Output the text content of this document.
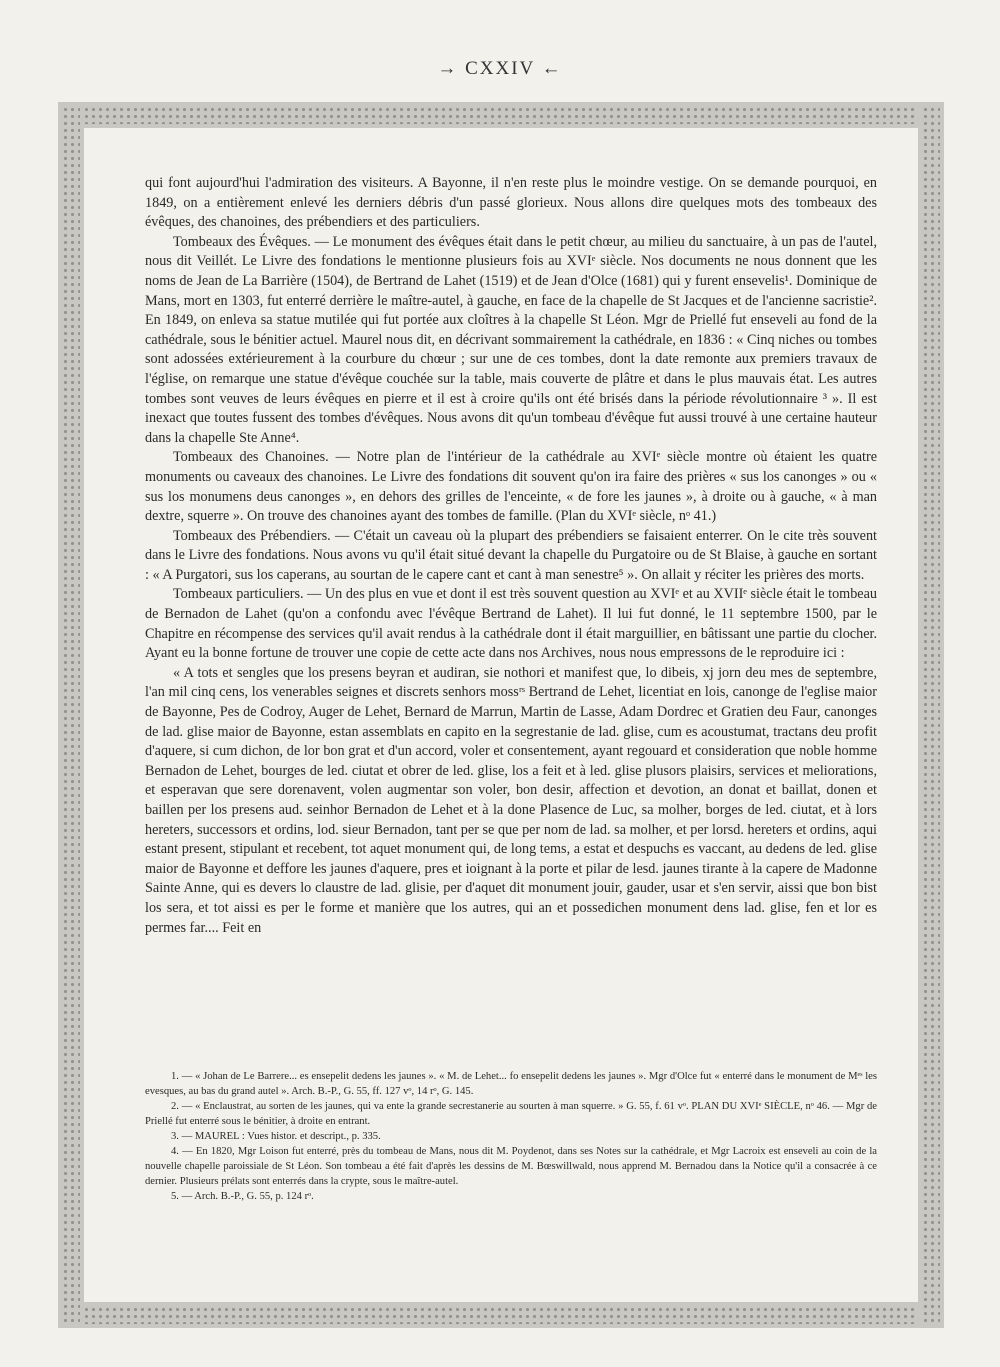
→ CXXIV ←

qui font aujourd'hui l'admiration des visiteurs. A Bayonne, il n'en reste plus le moindre vestige. On se demande pourquoi, en 1849, on a entièrement enlevé les derniers débris d'un passé glorieux. Nous allons dire quelques mots des tombeaux des évêques, des chanoines, des prébendiers et des particuliers.

Tombeaux des Évêques. — Le monument des évêques était dans le petit chœur, au milieu du sanctuaire, à un pas de l'autel, nous dit Veillét. Le Livre des fondations le mentionne plusieurs fois au XVIᵉ siècle. Nos documents ne nous donnent que les noms de Jean de La Barrière (1504), de Bertrand de Lahet (1519) et de Jean d'Olce (1681) qui y furent ensevelis¹. Dominique de Mans, mort en 1303, fut enterré derrière le maître-autel, à gauche, en face de la chapelle de St Jacques et de l'ancienne sacristie². En 1849, on enleva sa statue mutilée qui fut portée aux cloîtres à la chapelle St Léon. Mgr de Priellé fut enseveli au fond de la cathédrale, sous le bénitier actuel. Maurel nous dit, en décrivant sommairement la cathédrale, en 1836 : « Cinq niches ou tombes sont adossées extérieurement à la courbure du chœur ; sur une de ces tombes, dont la date remonte aux premiers travaux de l'église, on remarque une statue d'évêque couchée sur la table, mais couverte de plâtre et dans le plus mauvais état. Les autres tombes sont veuves de leurs évêques en pierre et il est à croire qu'ils ont été brisés dans la période révolutionnaire ³ ». Il est inexact que toutes fussent des tombes d'évêques. Nous avons dit qu'un tombeau d'évêque fut aussi trouvé à une certaine hauteur dans la chapelle Ste Anne⁴.

Tombeaux des Chanoines. — Notre plan de l'intérieur de la cathédrale au XVIᵉ siècle montre où étaient les quatre monuments ou caveaux des chanoines. Le Livre des fondations dit souvent qu'on ira faire des prières « sus los canonges » ou « sus los monumens deus canonges », en dehors des grilles de l'enceinte, « de fore les jaunes », à droite ou à gauche, « à man dextre, squerre ». On trouve des chanoines ayant des tombes de famille. (Plan du XVIᵉ siècle, nᵒ 41.)

Tombeaux des Prébendiers. — C'était un caveau où la plupart des prébendiers se faisaient enterrer. On le cite très souvent dans le Livre des fondations. Nous avons vu qu'il était situé devant la chapelle du Purgatoire ou de St Blaise, à gauche en sortant : « A Purgatori, sus los caperans, au sourtan de le capere cant et cant à man senestre⁵ ». On allait y réciter les prières des morts.

Tombeaux particuliers. — Un des plus en vue et dont il est très souvent question au XVIᵉ et au XVIIᵉ siècle était le tombeau de Bernadon de Lahet (qu'on a confondu avec l'évêque Bertrand de Lahet). Il lui fut donné, le 11 septembre 1500, par le Chapitre en récompense des services qu'il avait rendus à la cathédrale dont il était marguillier, en bâtissant une partie du clocher. Ayant eu la bonne fortune de trouver une copie de cette acte dans nos Archives, nous nous empressons de le reproduire ici :

« A tots et sengles que los presens beyran et audiran, sie nothori et manifest que, lo dibeis, xj jorn deu mes de septembre, l'an mil cinq cens, los venerables seignes et discrets senhors mossʳˢ Bertrand de Lehet, licentiat en lois, canonge de l'eglise maior de Bayonne, Pes de Codroy, Auger de Lehet, Bernard de Marrun, Martin de Lasse, Adam Dordrec et Gratien deu Faur, canonges de lad. glise maior de Bayonne, estan assemblats en capito en la segrestanie de lad. glise, cum es acoustumat, tractans deu profit d'aquere, si cum dichon, de lor bon grat et d'un accord, voler et consentement, ayant regouard et consideration que noble homme Bernadon de Lehet, bourges de led. ciutat et obrer de led. glise, los a feit et à led. glise plusors plaisirs, services et meliorations, et esperavan que sere dorenavent, volen augmentar son voler, bon desir, affection et devotion, an donat et baillat, donen et baillen per los presens aud. seinhor Bernadon de Lehet et à la done Plasence de Luc, sa molher, borges de led. ciutat, et à lors hereters, successors et ordins, lod. sieur Bernadon, tant per se que per nom de lad. sa molher, et per lorsd. hereters et ordins, aqui estant present, stipulant et recebent, tot aquet monument qui, de long tems, a estat et despuchs es vaccant, au dedens de led. glise maior de Bayonne et deffore les jaunes d'aquere, pres et ioignant à la porte et pilar de lesd. jaunes tirante à la capere de Madonne Sainte Anne, qui es devers lo claustre de lad. glisie, per d'aquet dit monument jouir, gauder, usar et s'en servir, aissi que bon bist los sera, et tot aissi es per le forme et manière que los autres, qui an et possedichen monument dens lad. glise, fen et lor es permes far.... Feit en

1. — « Johan de Le Barrere... es ensepelit dedens les jaunes ». « M. de Lehet... fo ensepelit dedens les jaunes ». Mgr d'Olce fut « enterré dans le monument de Mᵉˢ les evesques, au bas du grand autel ». Arch. B.-P., G. 55, ff. 127 vᵒ, 14 rᵒ, G. 145.

2. — « Enclaustrat, au sorten de les jaunes, qui va ente la grande secrestanerie au sourten à man squerre. » G. 55, f. 61 vᵒ. PLAN DU XVIᵉ SIÈCLE, nᵒ 46. — Mgr de Priellé fut enterré sous le bénitier, à droite en entrant.

3. — MAUREL : Vues histor. et descript., p. 335.

4. — En 1820, Mgr Loison fut enterré, près du tombeau de Mans, nous dit M. Poydenot, dans ses Notes sur la cathédrale, et Mgr Lacroix est enseveli au coin de la nouvelle chapelle paroissiale de St Léon. Son tombeau a été fait d'après les dessins de M. Bœswillwald, nous apprend M. Bernadou dans la Notice qu'il a consacrée à ce dernier. Plusieurs prélats sont enterrés dans la crypte, sous le maître-autel.

5. — Arch. B.-P., G. 55, p. 124 rᵒ.
